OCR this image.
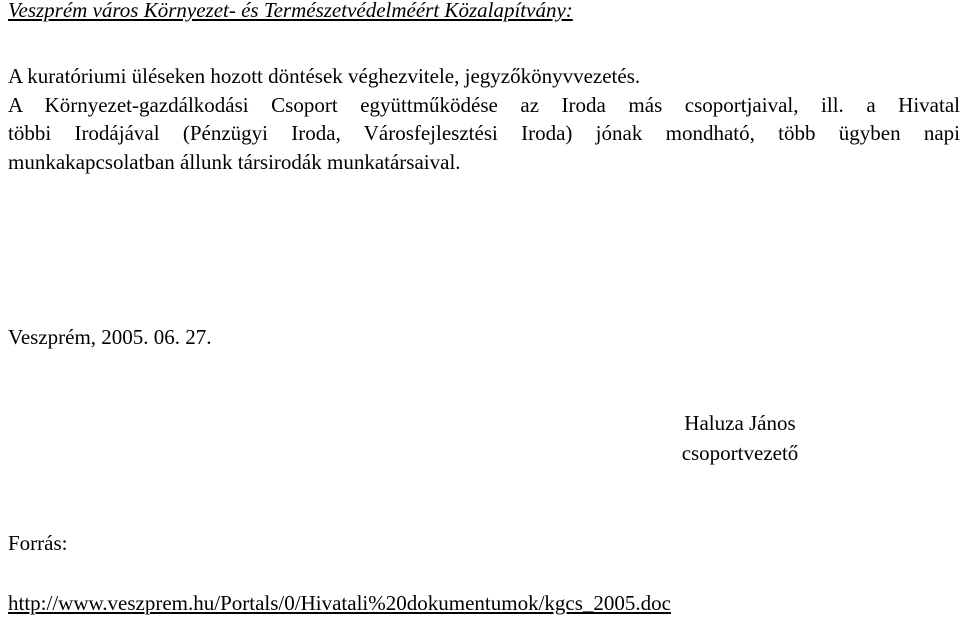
Veszprém város Környezet- és Természetvédelméért Közalapítvány:
A kuratóriumi üléseken hozott döntések véghezvitele, jegyzőkönyvvezetés.
A Környezet-gazdálkodási Csoport együttműködése az Iroda más csoportjaival, ill. a Hivatal
többi Irodájával (Pénzügyi Iroda, Városfejlesztési Iroda) jónak mondható, több ügyben napi
munkakapcsolatban állunk társirodák munkatársaival.
Veszprém, 2005. 06. 27.
Haluza János
csoportvezető
Forrás:
http://www.veszprem.hu/Portals/0/Hivatali%20dokumentumok/kgcs_2005.doc
